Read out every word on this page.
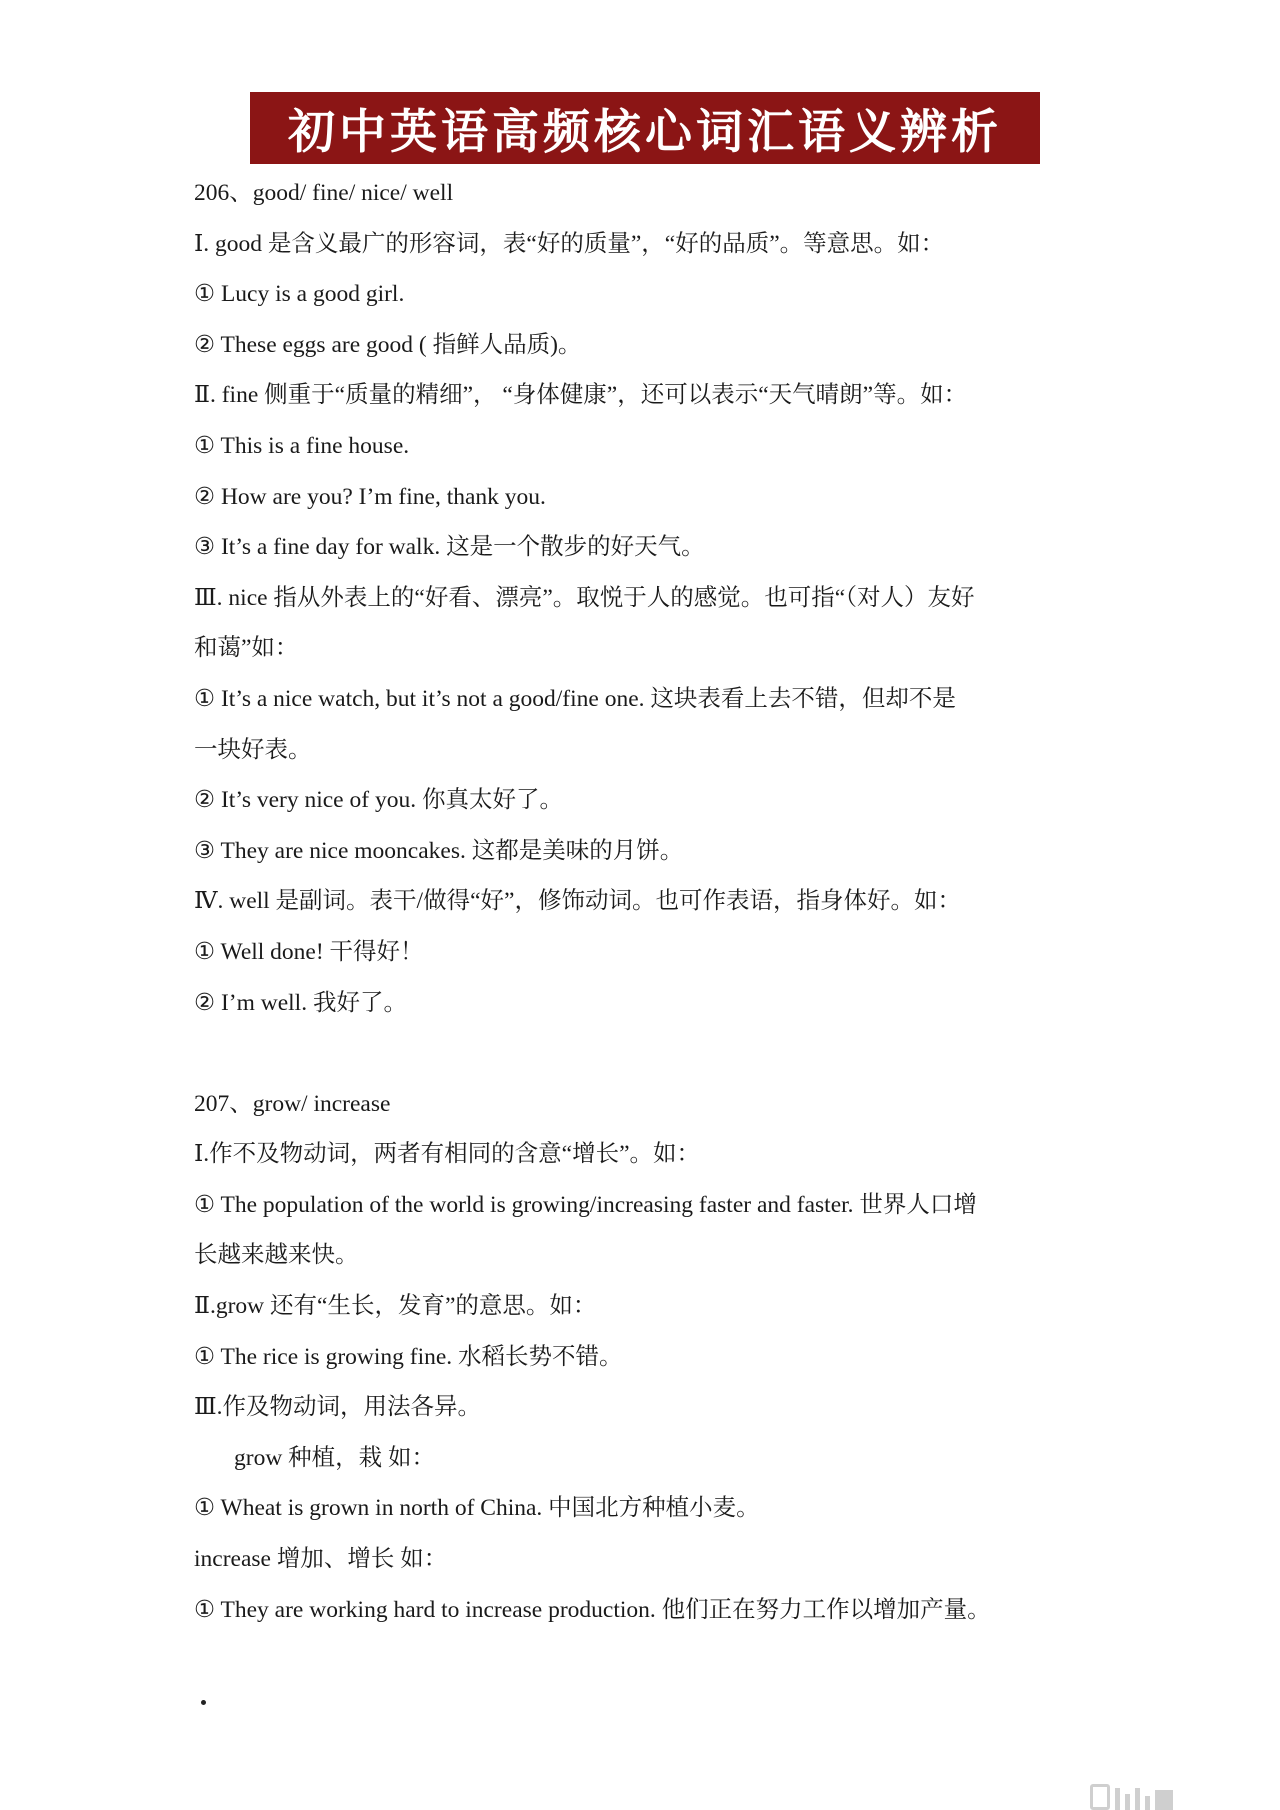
初中英语高频核心词汇语义辨析
206、good/ fine/ nice/ well
Ⅰ. good 是含义最广的形容词，表“好的质量”，“好的品质”。等意思。如：
① Lucy is a good girl.
② These eggs are good ( 指鲜人品质)。
Ⅱ. fine 侧重于“质量的精细”， “身体健康”，还可以表示“天气晴朗”等。如：
① This is a fine house.
② How are you? I’m fine, thank you.
③ It’s a fine day for walk. 这是一个散步的好天气。
Ⅲ. nice 指从外表上的“好看、漂亮”。取悦于人的感觉。也可指“（对人）友好
和蔼”如：
① It’s a nice watch, but it’s not a good/fine one. 这块表看上去不错，但却不是
一块好表。
② It’s very nice of you. 你真太好了。
③ They are nice mooncakes. 这都是美味的月饼。
Ⅳ. well 是副词。表干/做得“好”，修饰动词。也可作表语，指身体好。如：
① Well done! 干得好！
② I’m well. 我好了。
207、grow/ increase
Ⅰ.作不及物动词，两者有相同的含意“增长”。如：
① The population of the world is growing/increasing faster and faster. 世界人口增
长越来越来快。
Ⅱ.grow 还有“生长，发育”的意思。如：
① The rice is growing fine. 水稻长势不错。
Ⅲ.作及物动词，用法各异。
grow 种植，栽 如：
① Wheat is grown in north of China. 中国北方种植小麦。
increase 增加、增长 如：
① They are working hard to increase production. 他们正在努力工作以增加产量。
